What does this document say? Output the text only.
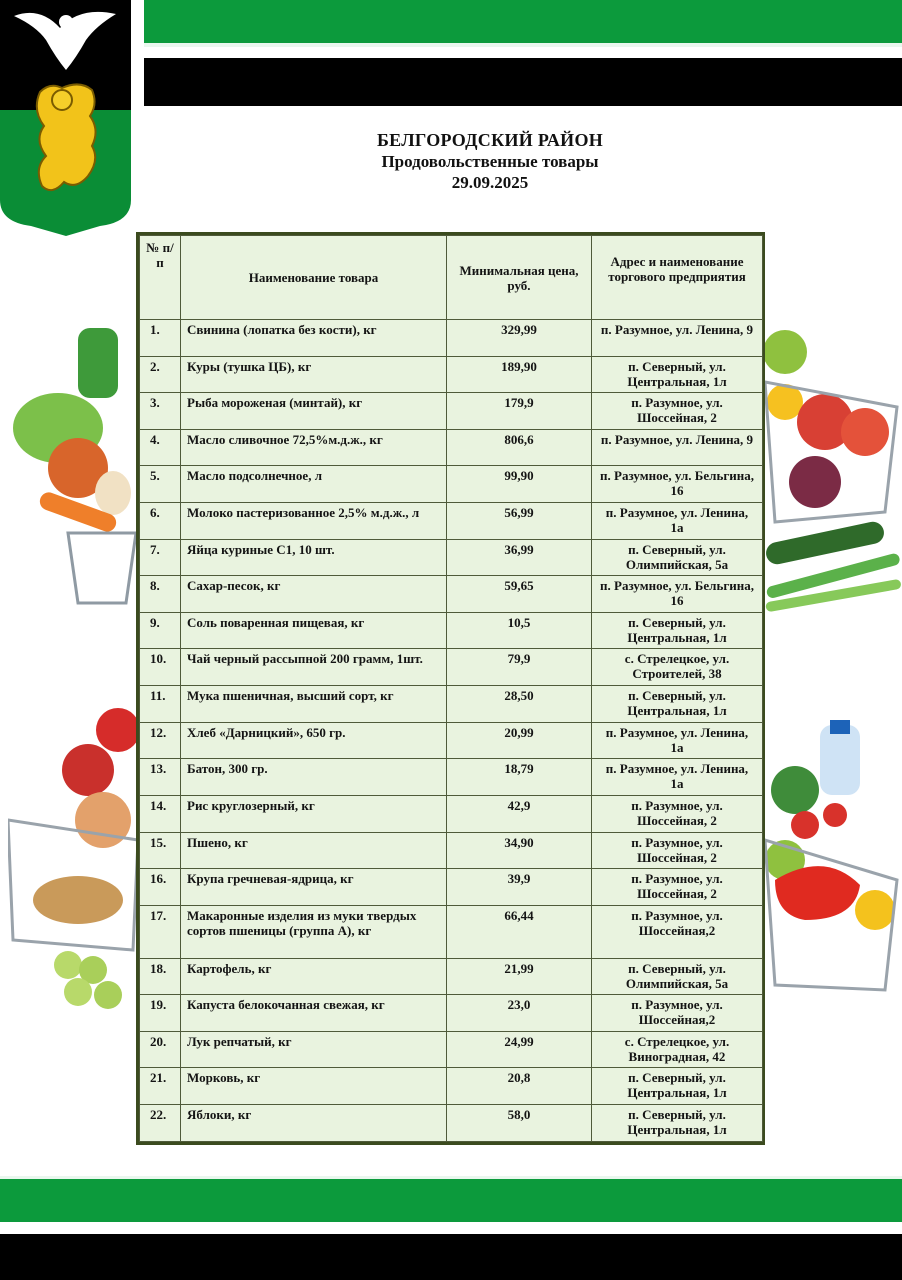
БЕЛГОРОДСКИЙ РАЙОН
Продовольственные товары
29.09.2025
№ п/п	Наименование товара	Минимальная цена, руб.	Адрес и наименование торгового предприятия
1.	Свинина (лопатка без кости), кг	329,99	п. Разумное, ул. Ленина, 9
2.	Куры (тушка ЦБ), кг	189,90	п. Северный, ул. Центральная, 1л
3.	Рыба мороженая (минтай), кг	179,9	п. Разумное, ул. Шоссейная, 2
4.	Масло сливочное 72,5%м.д.ж., кг	806,6	п. Разумное, ул. Ленина, 9
5.	Масло подсолнечное, л	99,90	п. Разумное, ул. Бельгина, 16
6.	Молоко пастеризованное 2,5% м.д.ж., л	56,99	п. Разумное, ул. Ленина, 1а
7.	Яйца куриные С1, 10 шт.	36,99	п. Северный, ул. Олимпийская, 5а
8.	Сахар-песок, кг	59,65	п. Разумное, ул. Бельгина, 16
9.	Соль поваренная пищевая, кг	10,5	п. Северный, ул. Центральная, 1л
10.	Чай черный рассыпной 200 грамм, 1шт.	79,9	с. Стрелецкое, ул. Строителей, 38
11.	Мука пшеничная, высший сорт, кг	28,50	п. Северный, ул. Центральная, 1л
12.	Хлеб «Дарницкий», 650 гр.	20,99	п. Разумное, ул. Ленина, 1а
13.	Батон, 300 гр.	18,79	п. Разумное, ул. Ленина, 1а
14.	Рис круглозерный, кг	42,9	п. Разумное, ул. Шоссейная, 2
15.	Пшено, кг	34,90	п. Разумное, ул. Шоссейная, 2
16.	Крупа гречневая-ядрица, кг	39,9	п. Разумное, ул. Шоссейная, 2
17.	Макаронные изделия из муки твердых сортов пшеницы (группа А), кг	66,44	п. Разумное, ул. Шоссейная,2
18.	Картофель, кг	21,99	п. Северный, ул. Олимпийская, 5а
19.	Капуста белокочанная свежая, кг	23,0	п. Разумное, ул. Шоссейная,2
20.	Лук репчатый, кг	24,99	с. Стрелецкое, ул. Виноградная, 42
21.	Морковь, кг	20,8	п. Северный, ул. Центральная, 1л
22.	Яблоки, кг	58,0	п. Северный, ул. Центральная, 1л
